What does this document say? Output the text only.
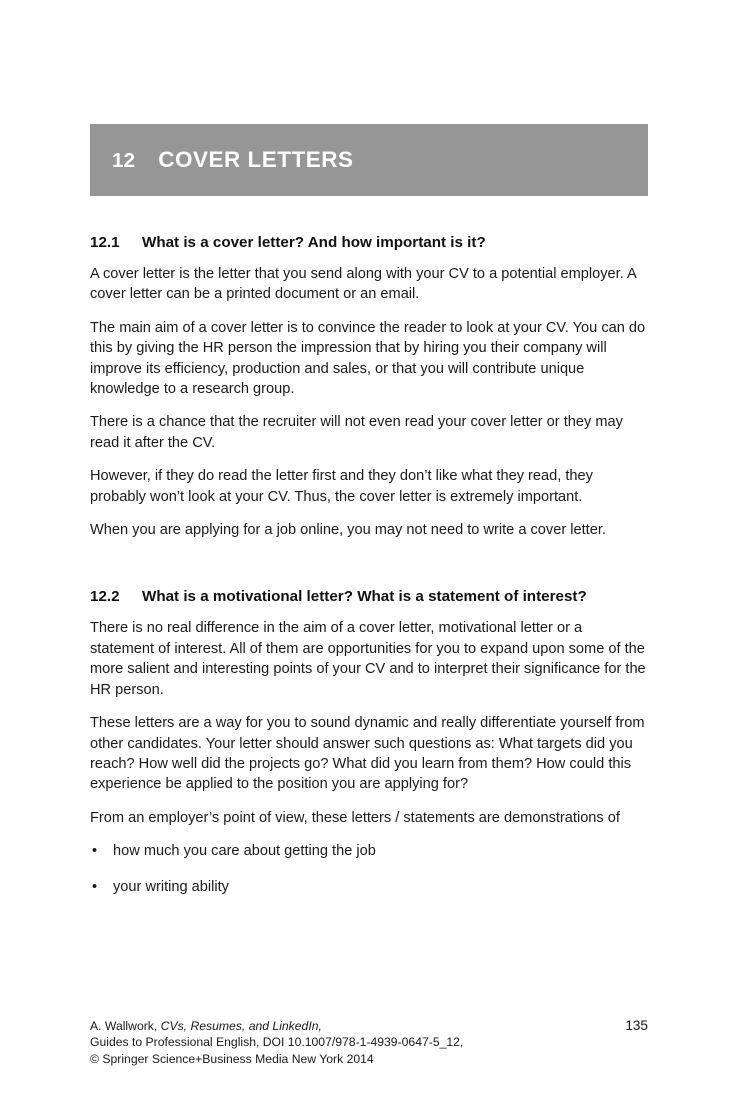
12 COVER LETTERS
12.1	What is a cover letter? And how important is it?

A cover letter is the letter that you send along with your CV to a potential employer. A cover letter can be a printed document or an email.

The main aim of a cover letter is to convince the reader to look at your CV. You can do this by giving the HR person the impression that by hiring you their company will improve its efficiency, production and sales, or that you will contribute unique knowledge to a research group.

There is a chance that the recruiter will not even read your cover letter or they may read it after the CV.

However, if they do read the letter first and they don’t like what they read, they probably won’t look at your CV. Thus, the cover letter is extremely important.

When you are applying for a job online, you may not need to write a cover letter.

12.2	What is a motivational letter? What is a statement of interest?

There is no real difference in the aim of a cover letter, motivational letter or a statement of interest. All of them are opportunities for you to expand upon some of the more salient and interesting points of your CV and to interpret their significance for the HR person.

These letters are a way for you to sound dynamic and really differentiate yourself from other candidates. Your letter should answer such questions as: What targets did you reach? How well did the projects go? What did you learn from them? How could this experience be applied to the position you are applying for?

From an employer’s point of view, these letters / statements are demonstrations of

• how much you care about getting the job
• your writing ability
A. Wallwork, CVs, Resumes, and LinkedIn,
Guides to Professional English, DOI 10.1007/978-1-4939-0647-5_12,
© Springer Science+Business Media New York 2014
135
